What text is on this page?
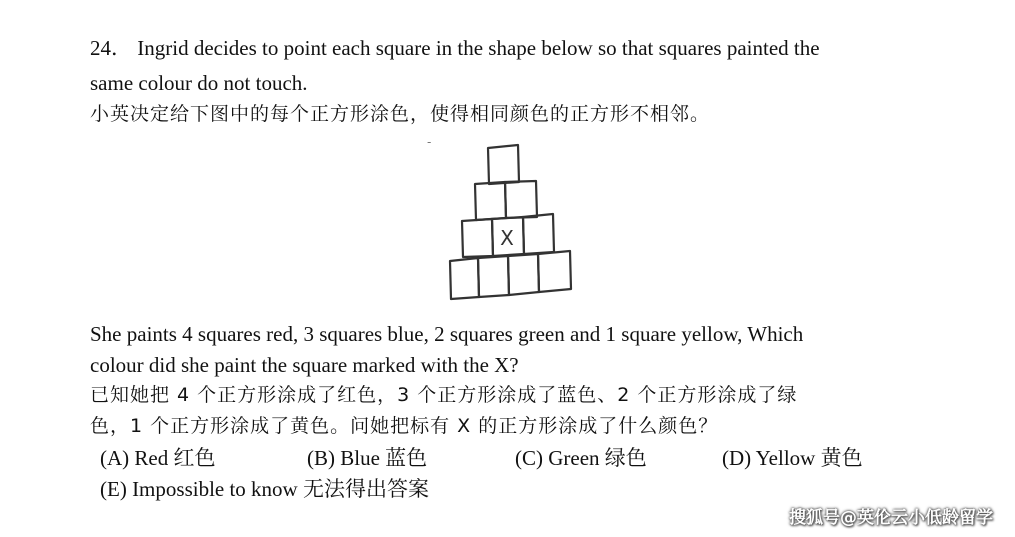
24． Ingrid decides to point each square in the shape below so that squares painted the
same colour do not touch.
小英决定给下图中的每个正方形涂色，使得相同颜色的正方形不相邻。
X
-
She paints 4 squares red, 3 squares blue, 2 squares green and 1 square yellow, Which
colour did she paint the square marked with the X?
已知她把 4 个正方形涂成了红色，3 个正方形涂成了蓝色、2 个正方形涂成了绿
色，1 个正方形涂成了黄色。问她把标有 X 的正方形涂成了什么颜色？
(A) Red 红色	(B) Blue 蓝色	(C) Green 绿色	(D) Yellow 黄色
(E) Impossible to know 无法得出答案
搜狐号@英伦云小低龄留学
